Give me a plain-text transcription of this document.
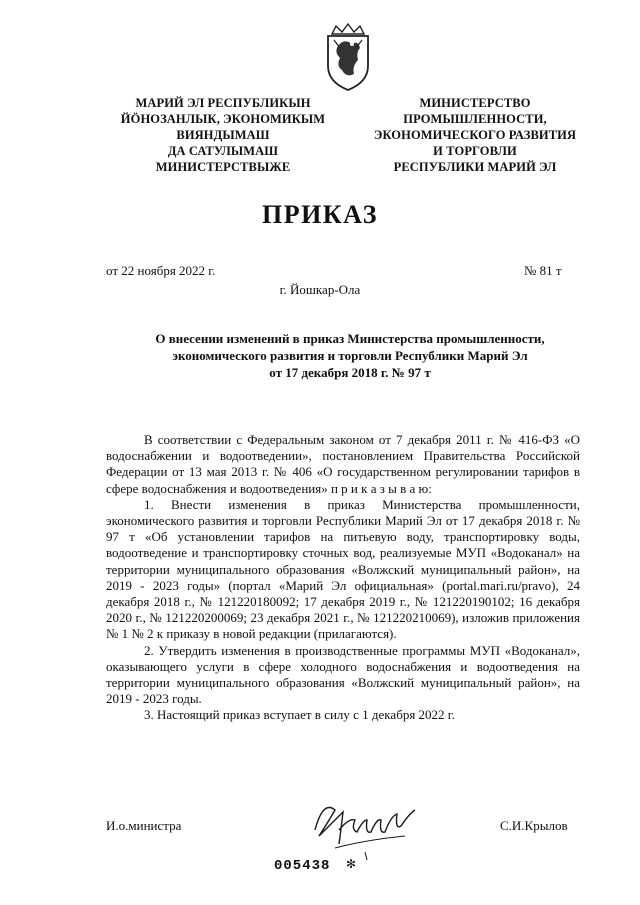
МАРИЙ ЭЛ РЕСПУБЛИКЫН
ЙӦНОЗАНЛЫК, ЭКОНОМИКЫМ
ВИЯНДЫМАШ
ДА САТУЛЫМАШ
МИНИСТЕРСТВЫЖЕ
МИНИСТЕРСТВО
ПРОМЫШЛЕННОСТИ,
ЭКОНОМИЧЕСКОГО РАЗВИТИЯ
И ТОРГОВЛИ
РЕСПУБЛИКИ МАРИЙ ЭЛ
ПРИКАЗ
от 22 ноября 2022 г.	№ 81 т
г. Йошкар-Ола
О внесении изменений в приказ Министерства промышленности,
экономического развития и торговли Республики Марий Эл
от 17 декабря 2018 г. № 97 т

В соответствии с Федеральным законом от 7 декабря 2011 г. № 416-ФЗ «О водоснабжении и водоотведении», постановлением Правительства Российской Федерации от 13 мая 2013 г. № 406 «О государственном регулировании тарифов в сфере водоснабжения и водоотведения» п р и к а з ы в а ю:

1. Внести изменения в приказ Министерства промышленности, экономического развития и торговли Республики Марий Эл от 17 декабря 2018 г. № 97 т «Об установлении тарифов на питьевую воду, транспортировку воды, водоотведение и транспортировку сточных вод, реализуемые МУП «Водоканал» на территории муниципального образования «Волжский муниципальный район», на 2019 - 2023 годы» (портал «Марий Эл официальная» (portal.mari.ru/pravo), 24 декабря 2018 г., № 121220180092; 17 декабря 2019 г., № 121220190102; 16 декабря 2020 г., № 121220200069; 23 декабря 2021 г., № 121220210069), изложив приложения № 1 № 2 к приказу в новой редакции (прилагаются).

2. Утвердить изменения в производственные программы МУП «Водоканал», оказывающего услуги в сфере холодного водоснабжения и водоотведения на территории муниципального образования «Волжский муниципальный район», на 2019 - 2023 годы.

3. Настоящий приказ вступает в силу с 1 декабря 2022 г.

И.о.министра	С.И.Крылов
005438 ✻
